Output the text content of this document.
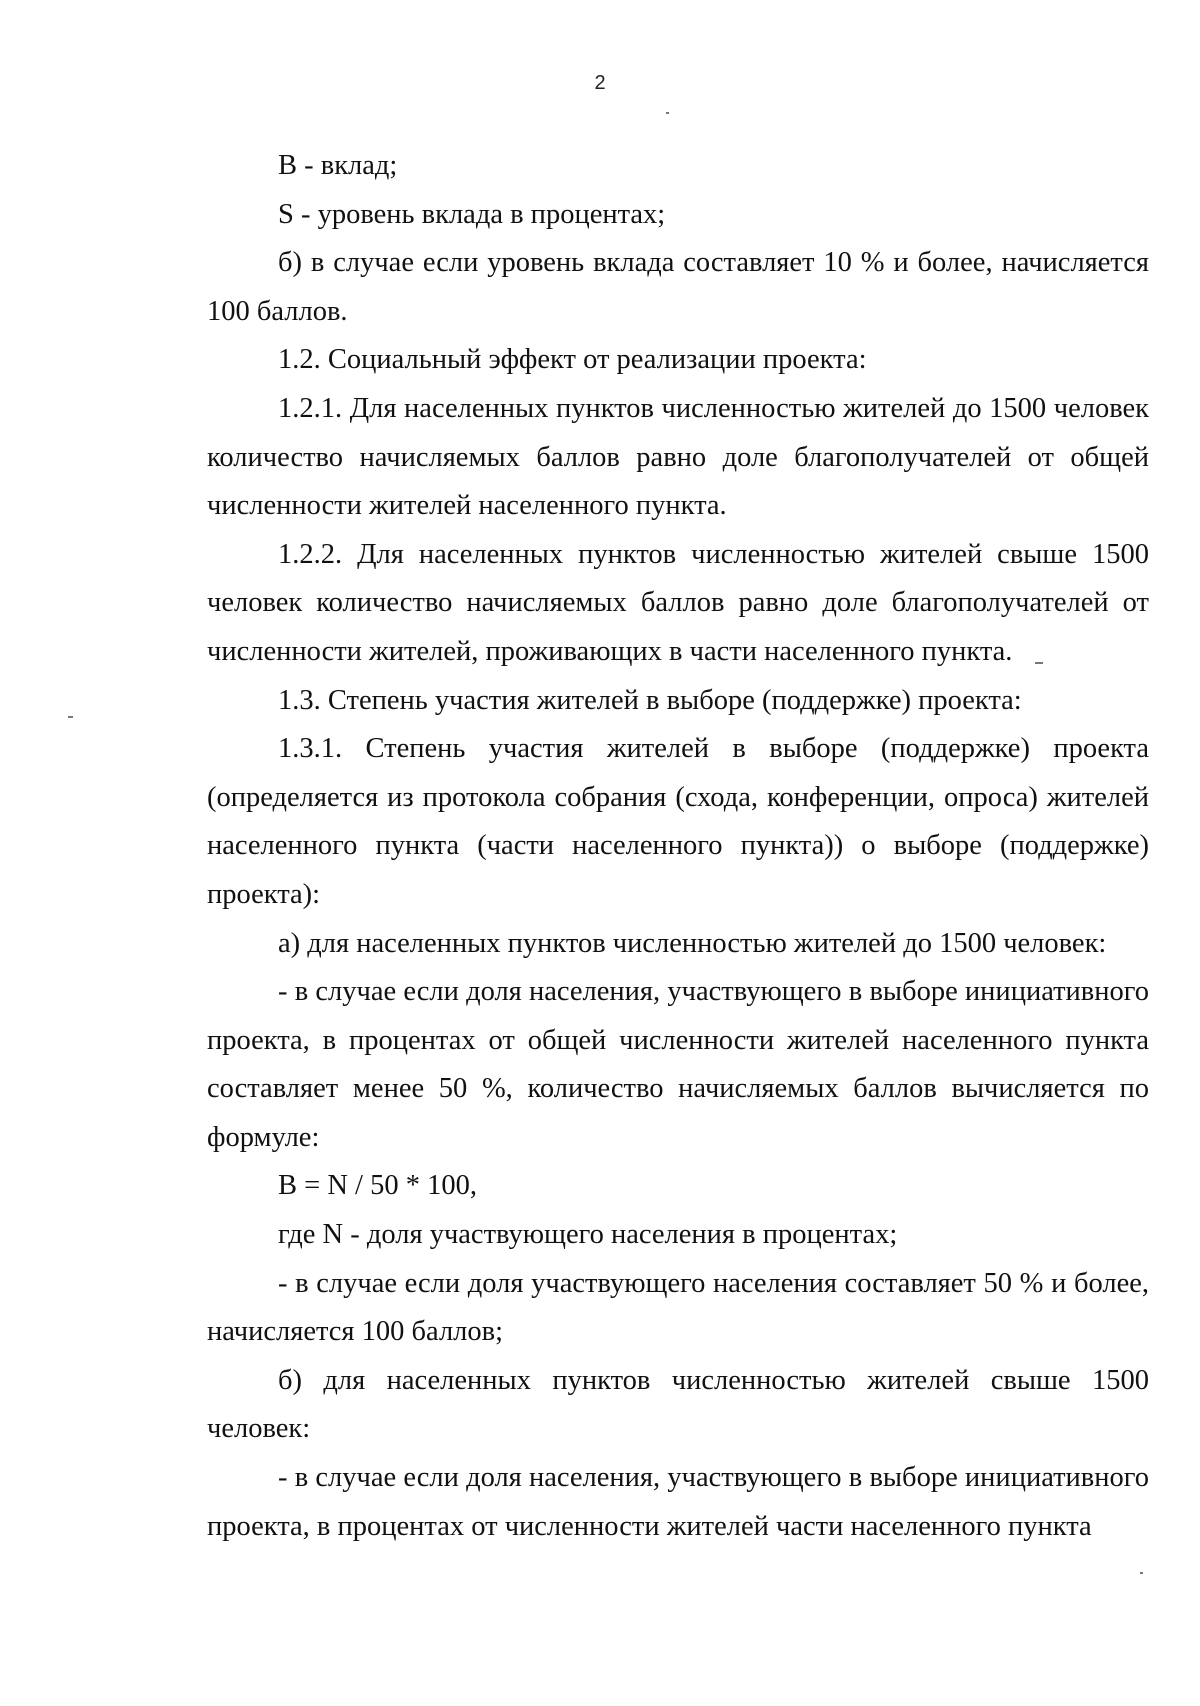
2

В - вклад;

S - уровень вклада в процентах;

б) в случае если уровень вклада составляет 10 % и более, начисляется 100 баллов.

1.2. Социальный эффект от реализации проекта:

1.2.1. Для населенных пунктов численностью жителей до 1500 человек количество начисляемых баллов равно доле благополучателей от общей численности жителей населенного пункта.

1.2.2. Для населенных пунктов численностью жителей свыше 1500 человек количество начисляемых баллов равно доле благополучателей от численности жителей, проживающих в части населенного пункта.

1.3. Степень участия жителей в выборе (поддержке) проекта:

1.3.1. Степень участия жителей в выборе (поддержке) проекта (определяется из протокола собрания (схода, конференции, опроса) жителей населенного пункта (части населенного пункта)) о выборе (поддержке) проекта):

а) для населенных пунктов численностью жителей до 1500 человек:

- в случае если доля населения, участвующего в выборе инициативного проекта, в процентах от общей численности жителей населенного пункта составляет менее 50 %, количество начисляемых баллов вычисляется по формуле:

B = N / 50 * 100,

где N - доля участвующего населения в процентах;

- в случае если доля участвующего населения составляет 50 % и более, начисляется 100 баллов;

б) для населенных пунктов численностью жителей свыше 1500 человек:

- в случае если доля населения, участвующего в выборе инициативного проекта, в процентах от численности жителей части населенного пункта
